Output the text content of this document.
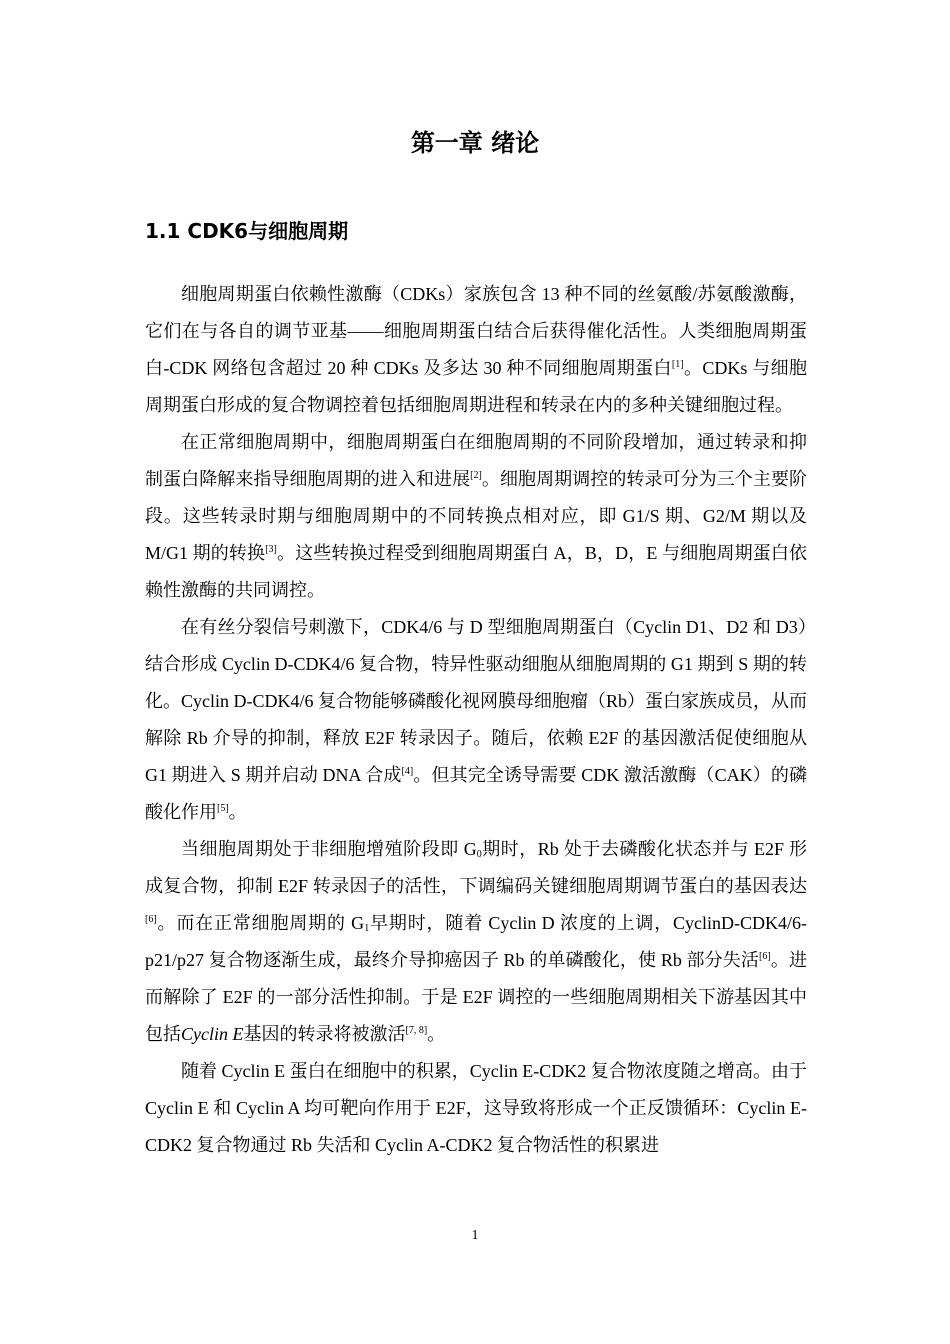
第一章 绪论
1.1 CDK6与细胞周期

细胞周期蛋白依赖性激酶（CDKs）家族包含 13 种不同的丝氨酸/苏氨酸激酶，它们在与各自的调节亚基——细胞周期蛋白结合后获得催化活性。人类细胞周期蛋白-CDK 网络包含超过 20 种 CDKs 及多达 30 种不同细胞周期蛋白[1]。CDKs 与细胞周期蛋白形成的复合物调控着包括细胞周期进程和转录在内的多种关键细胞过程。

在正常细胞周期中，细胞周期蛋白在细胞周期的不同阶段增加，通过转录和抑制蛋白降解来指导细胞周期的进入和进展[2]。细胞周期调控的转录可分为三个主要阶段。这些转录时期与细胞周期中的不同转换点相对应，即 G1/S 期、G2/M 期以及 M/G1 期的转换[3]。这些转换过程受到细胞周期蛋白 A，B，D，E 与细胞周期蛋白依赖性激酶的共同调控。

在有丝分裂信号刺激下，CDK4/6 与 D 型细胞周期蛋白（Cyclin D1、D2 和 D3）结合形成 Cyclin D-CDK4/6 复合物，特异性驱动细胞从细胞周期的 G1 期到 S 期的转化。Cyclin D-CDK4/6 复合物能够磷酸化视网膜母细胞瘤（Rb）蛋白家族成员，从而解除 Rb 介导的抑制，释放 E2F 转录因子。随后，依赖 E2F 的基因激活促使细胞从 G1 期进入 S 期并启动 DNA 合成[4]。但其完全诱导需要 CDK 激活激酶（CAK）的磷酸化作用[5]。

当细胞周期处于非细胞增殖阶段即 $G_0$期时，Rb 处于去磷酸化状态并与 E2F 形成复合物，抑制 E2F 转录因子的活性，下调编码关键细胞周期调节蛋白的基因表达[6]。而在正常细胞周期的 $G_1$早期时，随着 Cyclin D 浓度的上调，CyclinD-CDK4/6-p21/p27 复合物逐渐生成，最终介导抑癌因子 Rb 的单磷酸化，使 Rb 部分失活[6]。进而解除了 E2F 的一部分活性抑制。于是 E2F 调控的一些细胞周期相关下游基因其中包括Cyclin E基因的转录将被激活[7, 8]。

随着 Cyclin E 蛋白在细胞中的积累，Cyclin E-CDK2 复合物浓度随之增高。由于 Cyclin E 和 Cyclin A 均可靶向作用于 E2F，这导致将形成一个正反馈循环：Cyclin E-CDK2 复合物通过 Rb 失活和 Cyclin A-CDK2 复合物活性的积累进

1
